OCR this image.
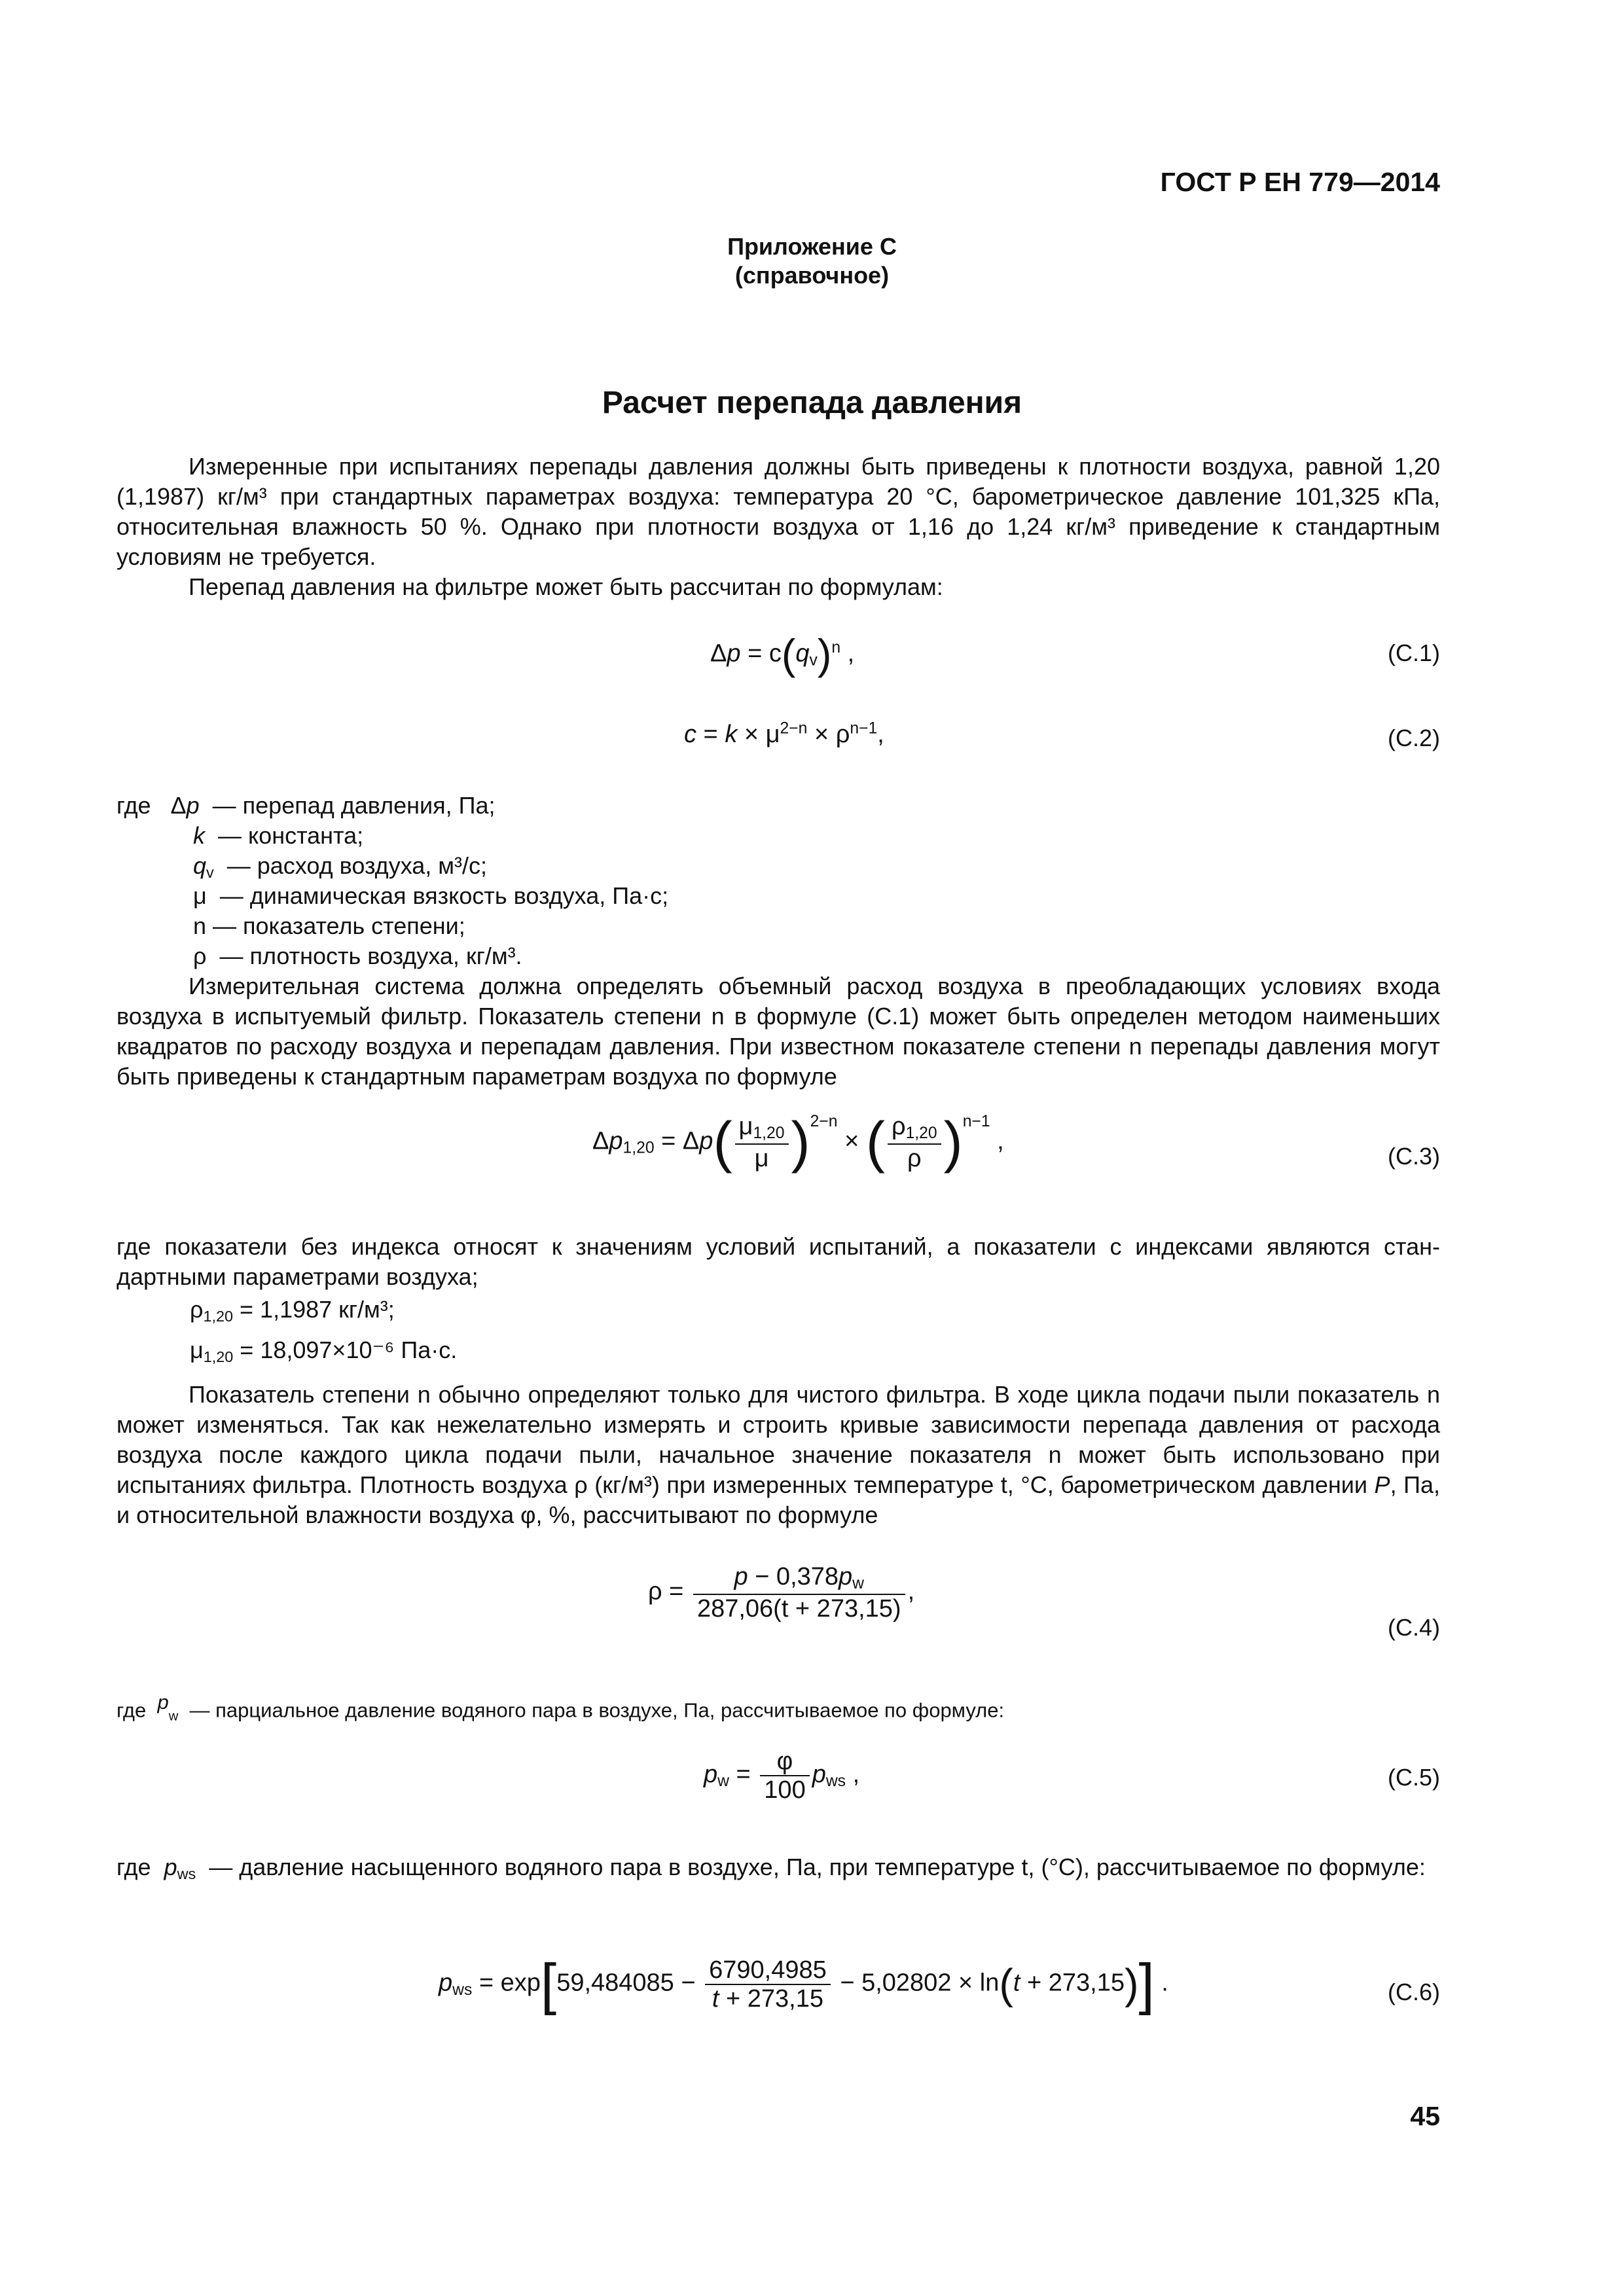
ГОСТ Р ЕН 779—2014
Приложение С
(справочное)
Расчет перепада давления
Измеренные при испытаниях перепады давления должны быть приведены к плотности воздуха, равной 1,20 (1,1987) кг/м³ при стандартных параметрах воздуха: температура 20 °С, барометрическое давление 101,325 кПа, относительная влажность 50 %. Однако при плотности воздуха от 1,16 до 1,24 кг/м³ приведение к стандартным условиям не требуется.
Перепад давления на фильтре может быть рассчитан по формулам:
$\Delta p = c(q_v)^n$ ,	(С.1)
$c = k \times \mu^{2-n} \times \rho^{n-1}$,	(С.2)
где   Δp — перепад давления, Па;
k — константа;
$q_v$ — расход воздуха, м³/с;
μ  — динамическая вязкость воздуха, Па·с;
n — показатель степени;
ρ  — плотность воздуха, кг/м³.
Измерительная система должна определять объемный расход воздуха в преобладающих условиях входа воздуха в испытуемый фильтр. Показатель степени n в формуле (С.1) может быть определен методом наименьших квадратов по расходу воздуха и перепадам давления. При известном показателе степени n перепады давления могут быть приведены к стандартным параметрам воздуха по формуле
$\Delta p_{1,20} = \Delta p( \frac{\mu_{1,20}}{\mu} )^{2-n}$ × ( $\frac{\rho_{1,20}}{\rho} )^{n-1}$ ,
(С.3)
где показатели без индекса относят к значениям условий испытаний, а показатели с индексами являются стандартными параметрами воздуха;
$\rho_{1,20} = 1,1987$ кг/м³;
$\mu_{1,20} = 18,097\times 10^{-6}$ Па·с.
Показатель степени n обычно определяют только для чистого фильтра. В ходе цикла подачи пыли показатель n может изменяться. Так как нежелательно измерять и строить кривые зависимости перепада давления от расхода воздуха после каждого цикла подачи пыли, начальное значение показателя n может быть использовано при испытаниях фильтра. Плотность воздуха ρ (кг/м³) при измеренных температуре t, °С, барометрическом давлении P, Па, и относительной влажности воздуха φ, %, рассчитывают по формуле
$\rho = \frac{p - 0,378p_w}{287,06(t + 273,15)}$ ,
(С.4)
где $p_w$ — парциальное давление водяного пара в воздухе, Па, рассчитываемое по формуле:
$p_w = \frac{\varphi}{100} p_{ws}$ ,	(С.5)
где $p_{ws}$ — давление насыщенного водяного пара в воздухе, Па, при температуре t, (°С), рассчитываемое по формуле:
$p_{ws} = \exp[59,484085 - \frac{6790,4985}{t + 273,15} - 5,02802 \times \ln(t + 273,15)]$ .	(С.6)
45
